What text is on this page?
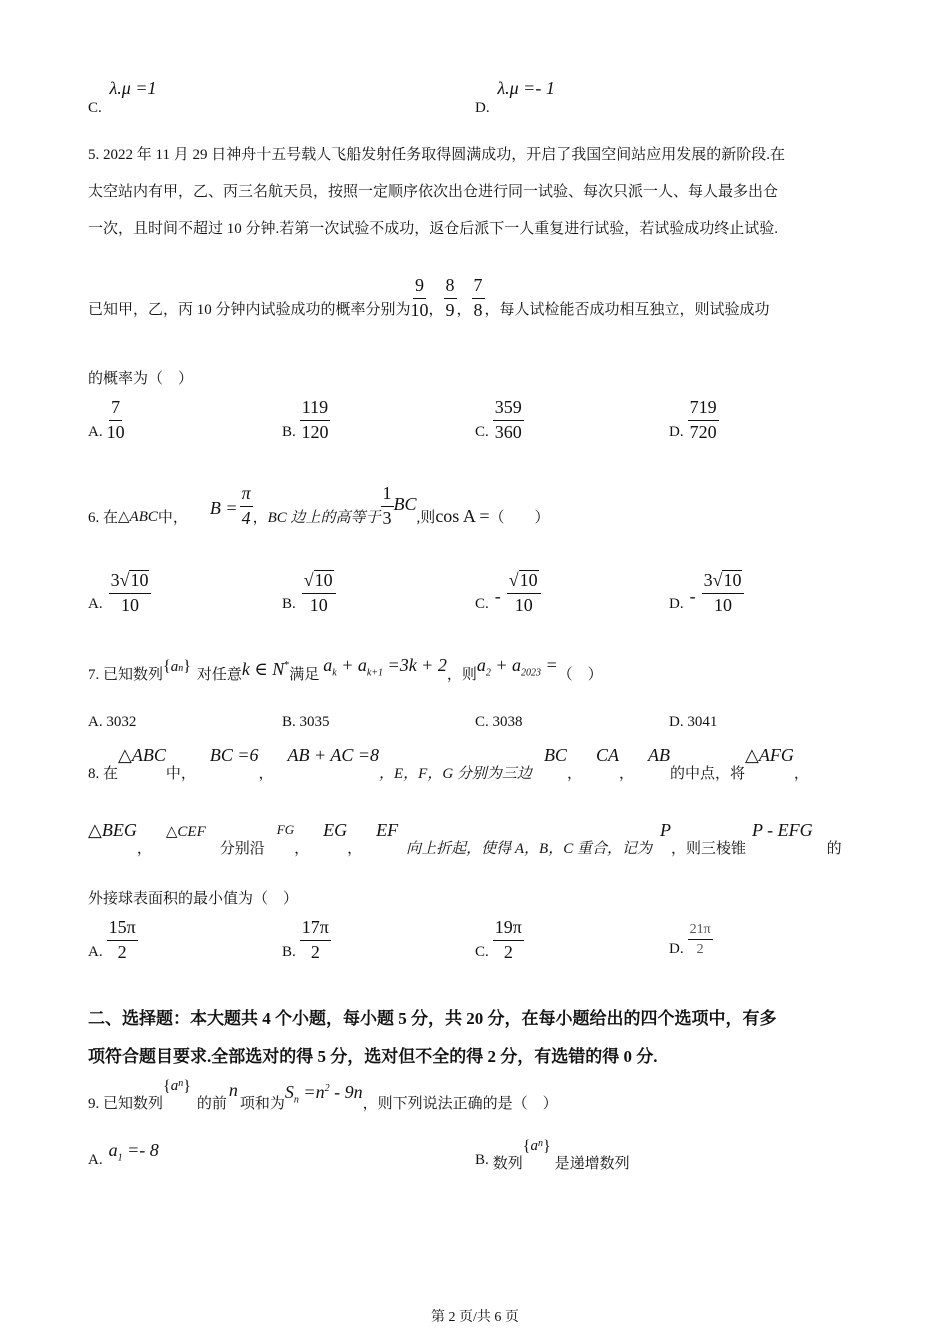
C. λ.μ =1
D. λ.μ =- 1
5. 2022 年 11 月 29 日神舟十五号载人飞船发射任务取得圆满成功，开启了我国空间站应用发展的新阶段.在
太空站内有甲，乙、丙三名航天员，按照一定顺序依次出仓进行同一试验、每次只派一人、每人最多出仓
一次，且时间不超过 10 分钟.若第一次试验不成功，返仓后派下一人重复进行试验，若试验成功终止试验.
已知甲，乙，丙 10 分钟内试验成功的概率分别为 $\frac{9}{10}$ ， $\frac{8}{9}$ ， $\frac{7}{8}$ ，每人试检能否成功相互独立，则试验成功
的概率为（　）
A. $\frac{7}{10}$	B. $\frac{119}{120}$	C. $\frac{359}{360}$	D. $\frac{719}{720}$
6. 在 △ABC 中， $B = \frac{\pi}{4}$ ， BC 边上的高等于 $\frac{1}{3}$ BC
,则 cos A = （　　）
A. $\frac{3√10}{10}$	B. $\frac{√10}{10}$	C. - $\frac{√10}{10}$	D. - $\frac{3√10}{10}$
7. 已知数列 { a n } 对任意 k ∈ N*
满足 $a_k + a_{k+1} =3k + 2$ ，则 $a_2 + a_{2023}$ = （　）
A. 3032	B. 3035	C. 3038	D. 3041
8. 在
△ABC
中，
BC =6
，
AB + AC =8
，E，F，G 分别为三边
BC
，
CA
，
AB
的中点，将
△AFG
，
△BEG
，
△CEF
分别沿
FG
，
EG
，
EF
向上折起，使得 A，B，C 重合，记为
P
，则三棱锥
P - EFG
的
外接球表面积的最小值为（　）
A. $\frac{15\pi}{2}$	B. $\frac{17\pi}{2}$	C. $\frac{19\pi}{2}$	D. $\frac{21\pi}{2}$
二、选择题：本大题共 4 个小题，每小题 5 分，共 20 分，在每小题给出的四个选项中，有多
项符合题目要求.全部选对的得 5 分，选对但不全的得 2 分，有选错的得 0 分.
9. 已知数列
{ a n }
的前
n
项和为
$S_n =n^2 - 9n$
，则下列说法正确的是（　）
A. $a_1 =- 8$	B. 数列
{ a n }
是递增数列
第 2 页/共 6 页
